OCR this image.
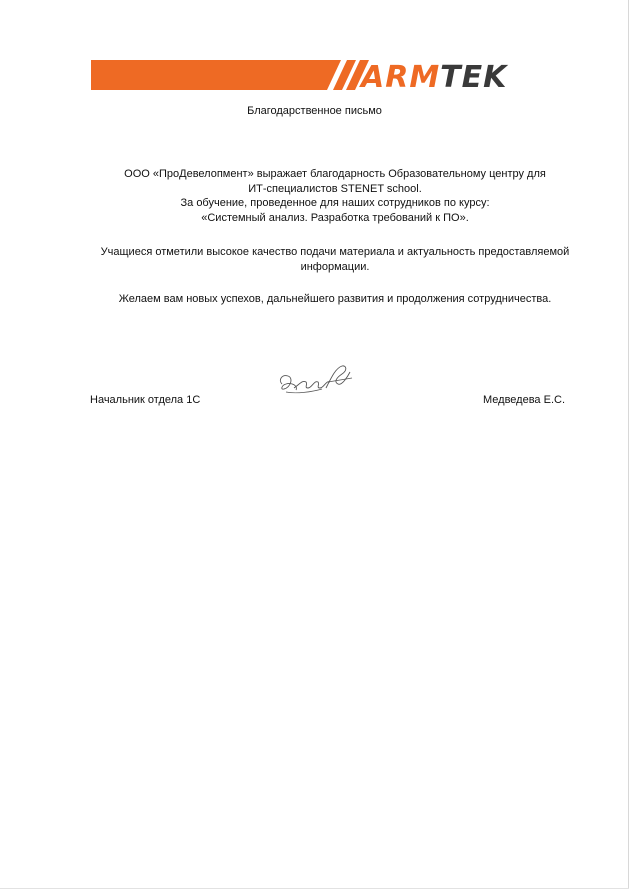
ARMTEK
Благодарственное письмо
ООО «ПроДевелопмент» выражает благодарность Образовательному центру для
ИТ-специалистов STENET school.
За обучение, проведенное для наших сотрудников по курсу:
«Системный анализ. Разработка требований к ПО».
Учащиеся отметили высокое качество подачи материала и актуальность предоставляемой
информации.
Желаем вам новых успехов, дальнейшего развития и продолжения сотрудничества.
Начальник отдела 1С	Медведева Е.С.
